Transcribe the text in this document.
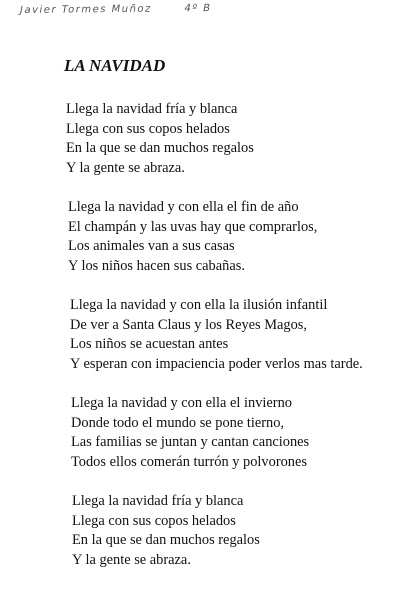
Javier Tormes Muñoz	4º B
LA NAVIDAD
Llega la navidad fría y blanca
Llega con sus copos helados
En la que se dan muchos regalos
Y la gente se abraza.
Llega la navidad y con ella el fin de año
El champán y las uvas hay que comprarlos,
Los animales van a sus casas
Y los niños hacen sus cabañas.
Llega la navidad y con ella la ilusión infantil
De ver a Santa Claus y los Reyes Magos,
Los niños se acuestan antes
Y esperan con impaciencia poder verlos mas tarde.
Llega la navidad y con ella el invierno
Donde todo el mundo se pone tierno,
Las familias se juntan y cantan canciones
Todos ellos comerán turrón y polvorones
Llega la navidad fría y blanca
Llega con sus copos helados
En la que se dan muchos regalos
Y la gente se abraza.
